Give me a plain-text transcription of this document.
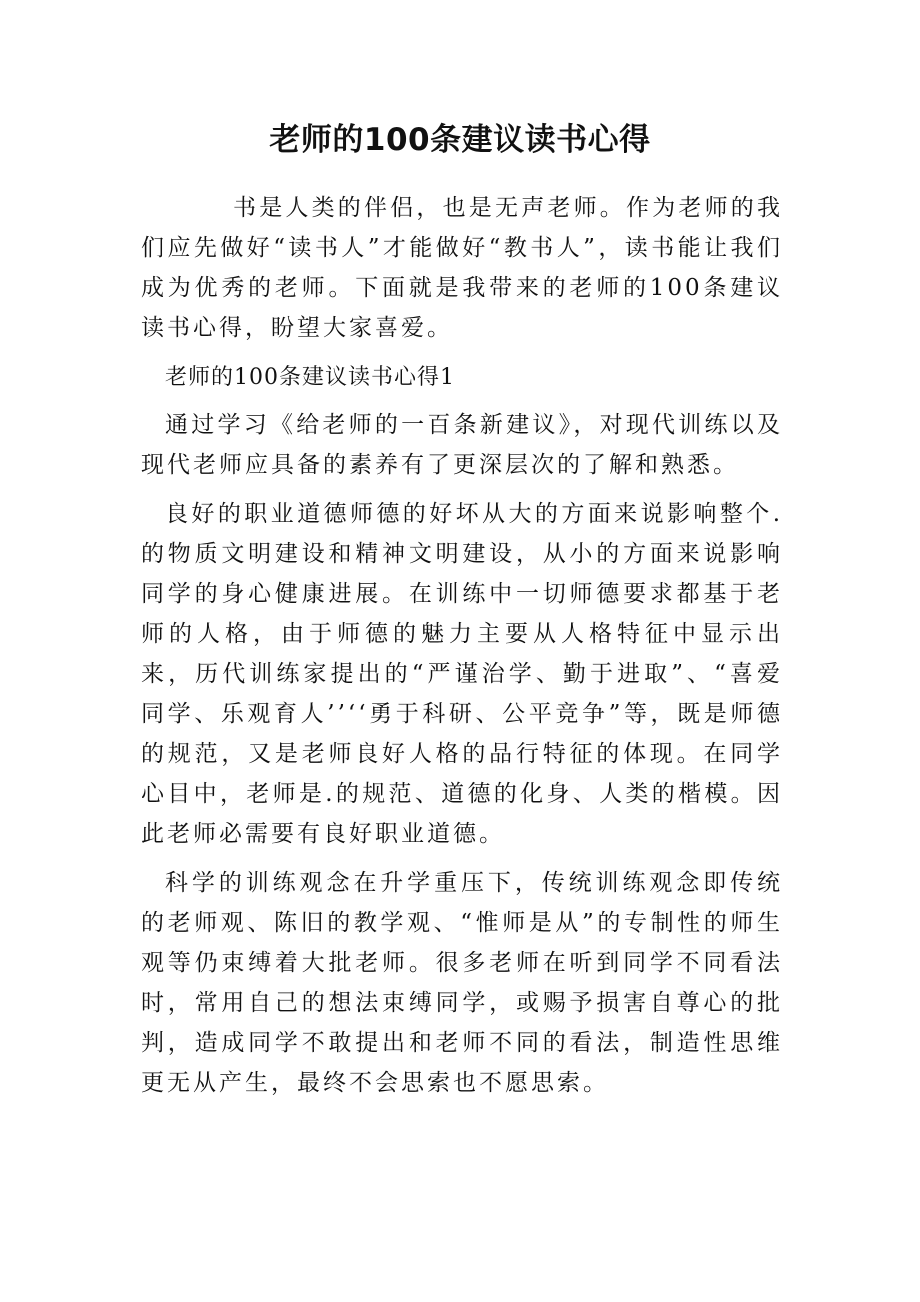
老师的100条建议读书心得

书是人类的伴侣，也是无声老师。作为老师的我们应先做好“读书人”才能做好“教书人”，读书能让我们成为优秀的老师。下面就是我带来的老师的100条建议读书心得，盼望大家喜爱。

老师的100条建议读书心得1

通过学习《给老师的一百条新建议》，对现代训练以及现代老师应具备的素养有了更深层次的了解和熟悉。

良好的职业道德师德的好坏从大的方面来说影响整个.的物质文明建设和精神文明建设，从小的方面来说影响同学的身心健康进展。在训练中一切师德要求都基于老师的人格，由于师德的魅力主要从人格特征中显示出来，历代训练家提出的“严谨治学、勤于进取”、“喜爱同学、乐观育人’’‘‘勇于科研、公平竞争”等，既是师德的规范，又是老师良好人格的品行特征的体现。在同学心目中，老师是.的规范、道德的化身、人类的楷模。因此老师必需要有良好职业道德。

科学的训练观念在升学重压下，传统训练观念即传统的老师观、陈旧的教学观、“惟师是从”的专制性的师生观等仍束缚着大批老师。很多老师在听到同学不同看法时，常用自己的想法束缚同学，或赐予损害自尊心的批判，造成同学不敢提出和老师不同的看法，制造性思维更无从产生，最终不会思索也不愿思索。
